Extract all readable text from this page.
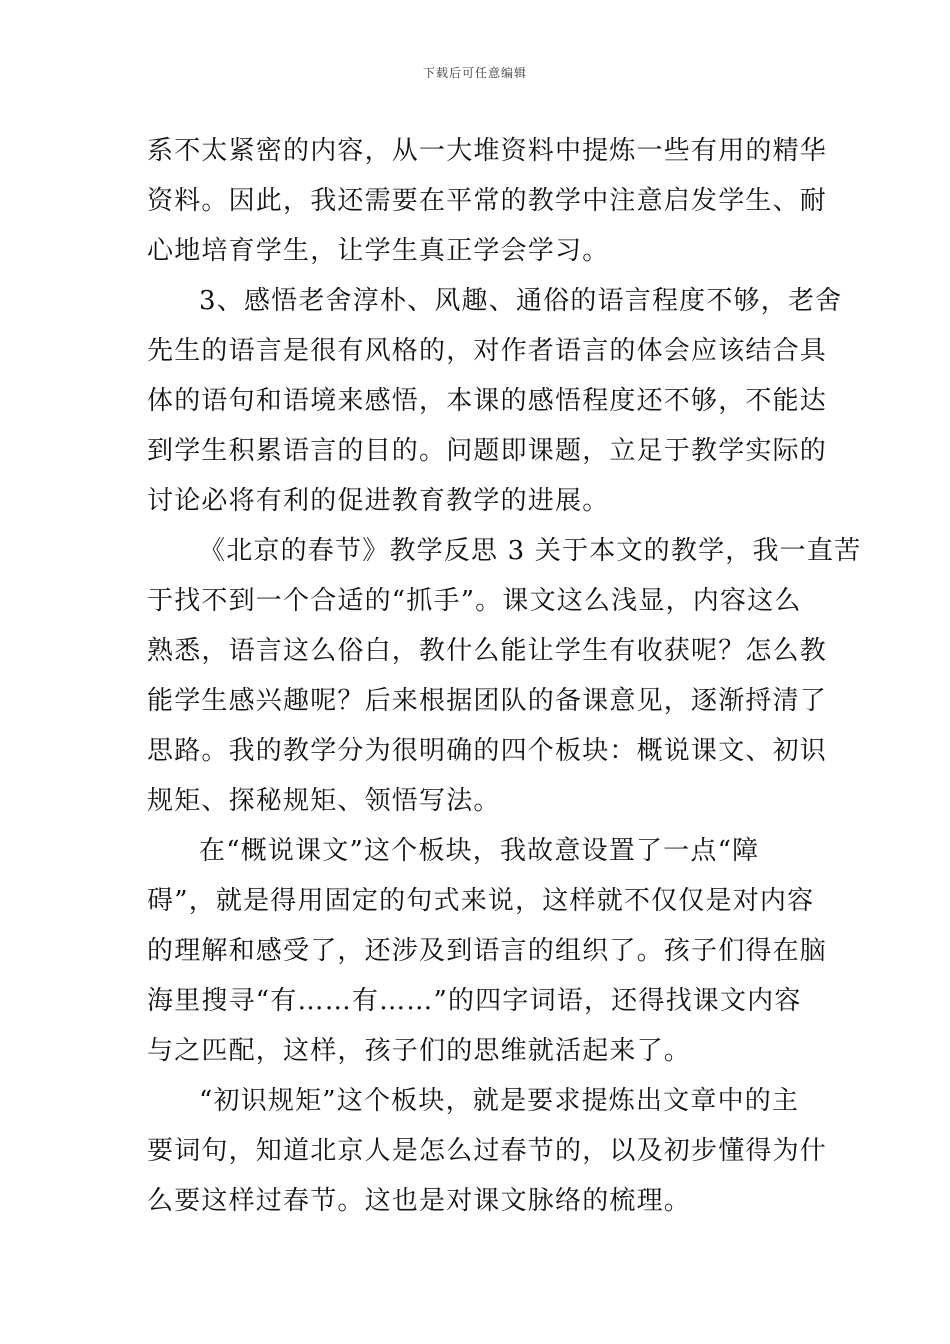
下载后可任意编辑
系不太紧密的内容，从一大堆资料中提炼一些有用的精华
资料。因此，我还需要在平常的教学中注意启发学生、耐
心地培育学生，让学生真正学会学习。
3、感悟老舍淳朴、风趣、通俗的语言程度不够，老舍
先生的语言是很有风格的，对作者语言的体会应该结合具
体的语句和语境来感悟，本课的感悟程度还不够，不能达
到学生积累语言的目的。问题即课题，立足于教学实际的
讨论必将有利的促进教育教学的进展。
《北京的春节》教学反思 3 关于本文的教学，我一直苦
于找不到一个合适的“抓手”。课文这么浅显，内容这么
熟悉，语言这么俗白，教什么能让学生有收获呢？怎么教
能学生感兴趣呢？后来根据团队的备课意见，逐渐捋清了
思路。我的教学分为很明确的四个板块：概说课文、初识
规矩、探秘规矩、领悟写法。
在“概说课文”这个板块，我故意设置了一点“障
碍”，就是得用固定的句式来说，这样就不仅仅是对内容
的理解和感受了，还涉及到语言的组织了。孩子们得在脑
海里搜寻“有……有……”的四字词语，还得找课文内容
与之匹配，这样，孩子们的思维就活起来了。
“初识规矩”这个板块，就是要求提炼出文章中的主
要词句，知道北京人是怎么过春节的，以及初步懂得为什
么要这样过春节。这也是对课文脉络的梳理。
